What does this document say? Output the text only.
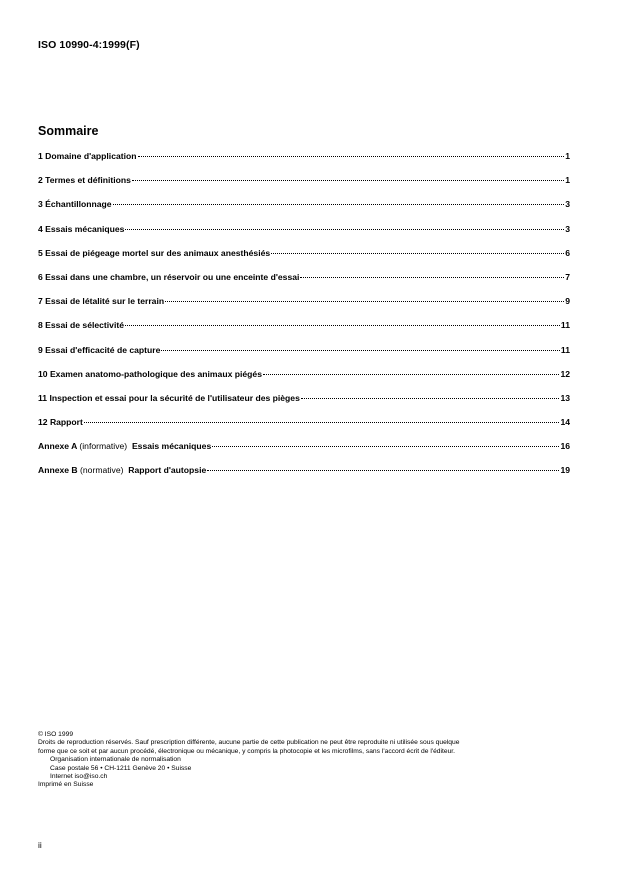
ISO 10990-4:1999(F)
Sommaire
1 Domaine d'application	1
2 Termes et définitions	1
3 Échantillonnage	3
4 Essais mécaniques	3
5 Essai de piégeage mortel sur des animaux anesthésiés	6
6 Essai dans une chambre, un réservoir ou une enceinte d'essai	7
7 Essai de létalité sur le terrain	9
8 Essai de sélectivité	11
9 Essai d'efficacité de capture	11
10 Examen anatomo-pathologique des animaux piégés	12
11 Inspection et essai pour la sécurité de l'utilisateur des pièges	13
12 Rapport	14
Annexe A (informative) Essais mécaniques	16
Annexe B (normative) Rapport d'autopsie	19
© ISO 1999
Droits de reproduction réservés. Sauf prescription différente, aucune partie de cette publication ne peut être reproduite ni utilisée sous quelque
forme que ce soit et par aucun procédé, électronique ou mécanique, y compris la photocopie et les microfilms, sans l'accord écrit de l'éditeur.
Organisation internationale de normalisation
Case postale 56 • CH-1211 Genève 20 • Suisse
Internet iso@iso.ch
Imprimé en Suisse
ii
